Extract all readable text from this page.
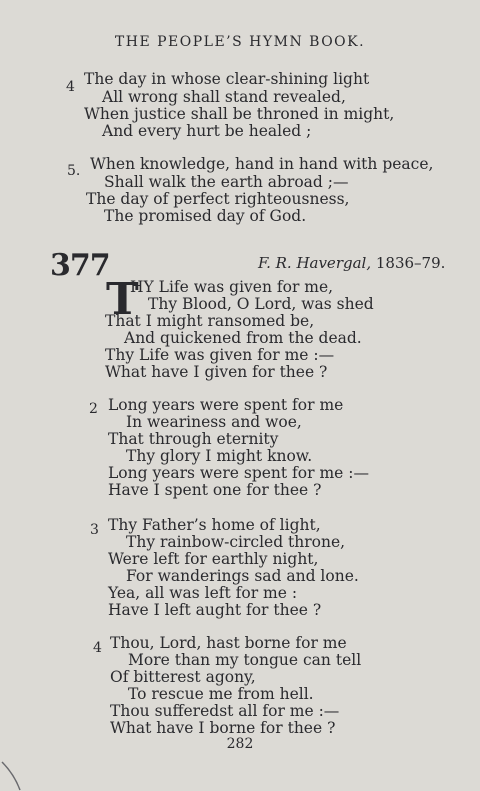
THE PEOPLE’S HYMN BOOK.
4 The day in whose clear-shining light
All wrong shall stand revealed,
When justice shall be throned in might,
And every hurt be healed ;
5. When knowledge, hand in hand with peace,
Shall walk the earth abroad ;—
The day of perfect righteousness,
The promised day of God.
377	F. R. Havergal, 1836–79.
T
HY Life was given for me,
Thy Blood, O Lord, was shed
That I might ransomed be,
And quickened from the dead.
Thy Life was given for me :—
What have I given for thee ?
2 Long years were spent for me
In weariness and woe,
That through eternity
Thy glory I might know.
Long years were spent for me :—
Have I spent one for thee ?
3 Thy Father’s home of light,
Thy rainbow-circled throne,
Were left for earthly night,
For wanderings sad and lone.
Yea, all was left for me :
Have I left aught for thee ?
4 Thou, Lord, hast borne for me
More than my tongue can tell
Of bitterest agony,
To rescue me from hell.
Thou sufferedst all for me :—
What have I borne for thee ?
282
